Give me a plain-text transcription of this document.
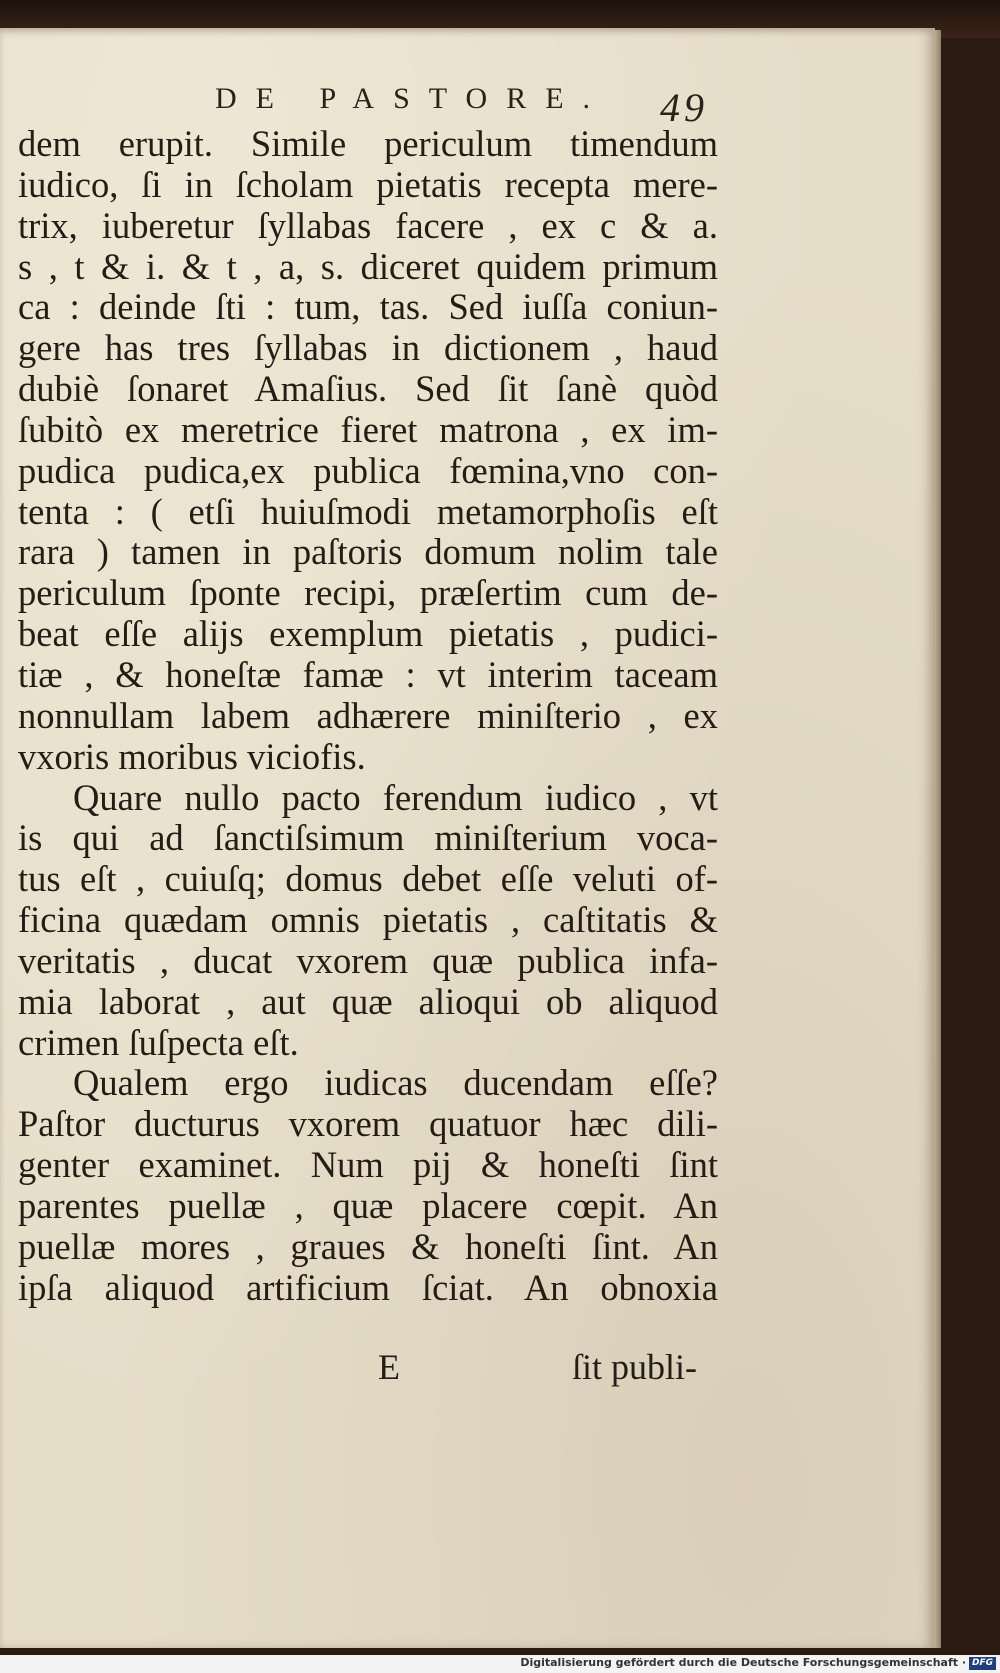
DE PASTORE. 49
dem erupit. Simile periculum timendum
iudico, ſi in ſcholam pietatis recepta mere-
trix, iuberetur ſyllabas facere , ex c & a.
s , t & i. & t , a, s. diceret quidem primum
ca : deinde ſti : tum, tas. Sed iuſſa coniun-
gere has tres ſyllabas in dictionem , haud
dubiè ſonaret Amaſius. Sed ſit ſanè quòd
ſubitò ex meretrice fieret matrona , ex im-
pudica pudica,ex publica fœmina,vno con-
tenta : ( etſi huiuſmodi metamorphoſis eſt
rara ) tamen in paſtoris domum nolim tale
periculum ſponte recipi, præſertim cum de-
beat eſſe alijs exemplum pietatis , pudici-
tiæ , & honeſtæ famæ : vt interim taceam
nonnullam labem adhærere miniſterio , ex
vxoris moribus viciofis.
Quare nullo pacto ferendum iudico , vt
is qui ad ſanctiſsimum miniſterium voca-
tus eſt , cuiuſq; domus debet eſſe veluti of-
ficina quædam omnis pietatis , caſtitatis &
veritatis , ducat vxorem quæ publica infa-
mia laborat , aut quæ alioqui ob aliquod
crimen ſuſpecta eſt.
Qualem ergo iudicas ducendam eſſe?
Paſtor ducturus vxorem quatuor hæc dili-
genter examinet. Num pij & honeſti ſint
parentes puellæ , quæ placere cœpit. An
puellæ mores , graues & honeſti ſint. An
ipſa aliquod artificium ſciat. An obnoxia
E	ſit publi-
Digitalisierung gefördert durch die Deutsche Forschungsgemeinschaft · DFG
